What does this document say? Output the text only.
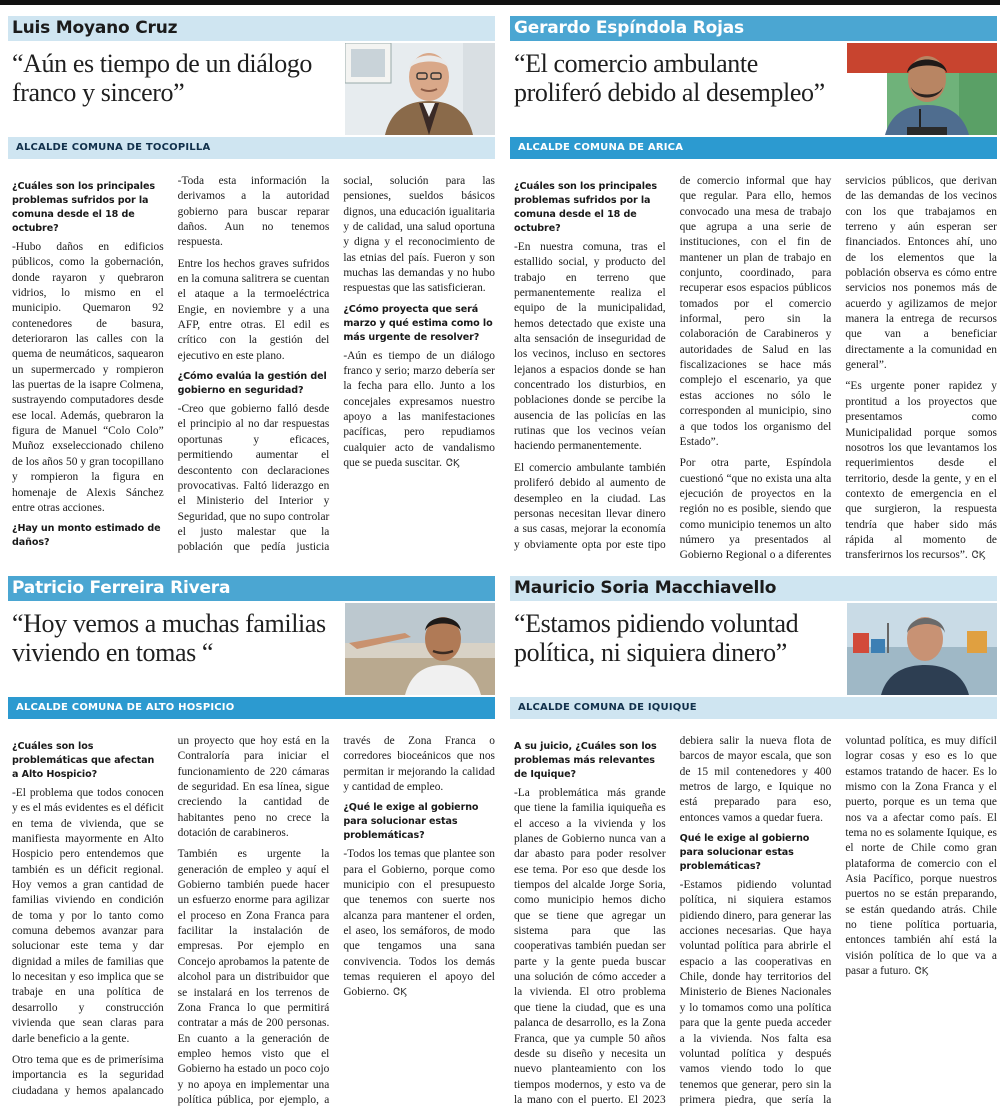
Luis Moyano Cruz
“Aún es tiempo de un diálogo franco y sincero”
ALCALDE COMUNA DE TOCOPILLA

¿Cuáles son los principales problemas sufridos por la comuna desde el 18 de octubre?

-Hubo daños en edificios públicos, como la gobernación, donde rayaron y quebraron vidrios, lo mismo en el municipio. Quemaron 92 contenedores de basura, deterioraron las calles con la quema de neumáticos, saquearon un supermercado y rompieron las puertas de la isapre Colmena, sustrayendo computadores desde ese local. Además, quebraron la figura de Manuel “Colo Colo” Muñoz exseleccionado chileno de los años 50 y gran tocopillano y rompieron la figura en homenaje de Alexis Sánchez entre otras acciones.

¿Hay un monto estimado de daños?

-Toda esta información la derivamos a la autoridad gobierno para buscar reparar daños. Aun no tenemos respuesta.

Entre los hechos graves sufridos en la comuna salitrera se cuentan el ataque a la termoeléctrica Engie, en noviembre y a una AFP, entre otras. El edil es crítico con la gestión del ejecutivo en este plano.

¿Cómo evalúa la gestión del gobierno en seguridad?

-Creo que gobierno falló desde el principio al no dar respuestas oportunas y eficaces, permitiendo aumentar el descontento con declaraciones provocativas. Faltó liderazgo en el Ministerio del Interior y Seguridad, que no supo controlar el justo malestar que la población que pedía justicia social, solución para las pensiones, sueldos básicos dignos, una educación igualitaria y de calidad, una salud oportuna y digna y el reconocimiento de las etnias del país. Fueron y son muchas las demandas y no hubo respuestas que las satisficieran.

¿Cómo proyecta que será marzo y qué estima como lo más urgente de resolver?

-Aún es tiempo de un diálogo franco y serio; marzo debería ser la fecha para ello. Junto a los concejales expresamos nuestro apoyo a las manifestaciones pacíficas, pero repudiamos cualquier acto de vandalismo que se pueda suscitar. ᏣϏ

Gerardo Espíndola Rojas
“El comercio ambulante proliferó debido al desempleo”
ALCALDE COMUNA DE ARICA

¿Cuáles son los principales problemas sufridos por la comuna desde el 18 de octubre?

-En nuestra comuna, tras el estallido social, y producto del trabajo en terreno que permanentemente realiza el equipo de la municipalidad, hemos detectado que existe una alta sensación de inseguridad de los vecinos, incluso en sectores lejanos a espacios donde se han concentrado los disturbios, en poblaciones donde se percibe la ausencia de las policías en las rutinas que los vecinos veían haciendo permanentemente.

El comercio ambulante también proliferó debido al aumento de desempleo en la ciudad. Las personas necesitan llevar dinero a sus casas, mejorar la economía y obviamente opta por este tipo de comercio informal que hay que regular. Para ello, hemos convocado una mesa de trabajo que agrupa a una serie de instituciones, con el fin de mantener un plan de trabajo en conjunto, coordinado, para recuperar esos espacios públicos tomados por el comercio informal, pero sin la colaboración de Carabineros y autoridades de Salud en las fiscalizaciones se hace más complejo el escenario, ya que estas acciones no sólo le corresponden al municipio, sino a que todos los organismo del Estado”.

Por otra parte, Espíndola cuestionó “que no exista una alta ejecución de proyectos en la región no es posible, siendo que como municipio tenemos un alto número ya presentados al Gobierno Regional o a diferentes servicios públicos, que derivan de las demandas de los vecinos con los que trabajamos en terreno y aún esperan ser financiados. Entonces ahí, uno de los elementos que la población observa es cómo entre servicios nos ponemos más de acuerdo y agilizamos de mejor manera la entrega de recursos que van a beneficiar directamente a la comunidad en general”.

“Es urgente poner rapidez y prontitud a los proyectos que presentamos como Municipalidad porque somos nosotros los que levantamos los requerimientos desde el territorio, desde la gente, y en el contexto de emergencia en el que surgieron, la respuesta tendría que haber sido más rápida al momento de transferirnos los recursos”. ᏣϏ

Patricio Ferreira Rivera
“Hoy vemos a muchas familias viviendo en tomas “
ALCALDE COMUNA DE ALTO HOSPICIO

¿Cuáles son los problemáticas que afectan a Alto Hospicio?

-El problema que todos conocen y es el más evidentes es el déficit en tema de vivienda, que se manifiesta mayormente en Alto Hospicio pero entendemos que también es un déficit regional. Hoy vemos a gran cantidad de familias viviendo en condición de toma y por lo tanto como comuna debemos avanzar para solucionar este tema y dar dignidad a miles de familias que lo necesitan y eso implica que se trabaje en una política de desarrollo y construcción vivienda que sean claras para darle beneficio a la gente.

Otro tema que es de primerísima importancia es la seguridad ciudadana y hemos apalancado un proyecto que hoy está en la Contraloría para iniciar el funcionamiento de 220 cámaras de seguridad. En esa línea, sigue creciendo la cantidad de habitantes peno no crece la dotación de carabineros.

También es urgente la generación de empleo y aquí el Gobierno también puede hacer un esfuerzo enorme para agilizar el proceso en Zona Franca para facilitar la instalación de empresas. Por ejemplo en Concejo aprobamos la patente de alcohol para un distribuidor que se instalará en los terrenos de Zona Franca lo que permitirá contratar a más de 200 personas. En cuanto a la generación de empleo hemos visto que el Gobierno ha estado un poco cojo y no apoya en implementar una política pública, por ejemplo, a través de Zona Franca o corredores bioceánicos que nos permitan ir mejorando la calidad y cantidad de empleo.

¿Qué le exige al gobierno para solucionar estas problemáticas?

-Todos los temas que plantee son para el Gobierno, porque como municipio con el presupuesto que tenemos con suerte nos alcanza para mantener el orden, el aseo, los semáforos, de modo que tengamos una sana convivencia. Todos los demás temas requieren el apoyo del Gobierno. ᏣϏ

Mauricio Soria Macchiavello
“Estamos pidiendo voluntad política, ni siquiera dinero”
ALCALDE COMUNA DE IQUIQUE

A su juicio, ¿Cuáles son los problemas más relevantes de Iquique?

-La problemática más grande que tiene la familia iquiqueña es el acceso a la vivienda y los planes de Gobierno nunca van a dar abasto para poder resolver ese tema. Por eso que desde los tiempos del alcalde Jorge Soria, como municipio hemos dicho que se tiene que agregar un sistema para que las cooperativas también puedan ser parte y la gente pueda buscar una solución de cómo acceder a la vivienda. El otro problema que tiene la ciudad, que es una palanca de desarrollo, es la Zona Franca, que ya cumple 50 años desde su diseño y necesita un nuevo planteamiento con los tiempos modernos, y esto va de la mano con el puerto. El 2023 debiera salir la nueva flota de barcos de mayor escala, que son de 15 mil contenedores y 400 metros de largo, e Iquique no está preparado para eso, entonces vamos a quedar fuera.

Qué le exige al gobierno para solucionar estas problemáticas?

-Estamos pidiendo voluntad política, ni siquiera estamos pidiendo dinero, para generar las acciones necesarias. Que haya voluntad política para abrirle el espacio a las cooperativas en Chile, donde hay territorios del Ministerio de Bienes Nacionales y lo tomamos como una política para que la gente pueda acceder a la vivienda. Nos falta esa voluntad política y después vamos viendo todo lo que tenemos que generar, pero sin la primera piedra, que sería la voluntad política, es muy difícil lograr cosas y eso es lo que estamos tratando de hacer. Es lo mismo con la Zona Franca y el puerto, porque es un tema que nos va a afectar como país. El tema no es solamente Iquique, es el norte de Chile como gran plataforma de comercio con el Asia Pacífico, porque nuestros puertos no se están preparando, se están quedando atrás. Chile no tiene política portuaria, entonces también ahí está la visión política de lo que va a pasar a futuro. ᏣϏ
